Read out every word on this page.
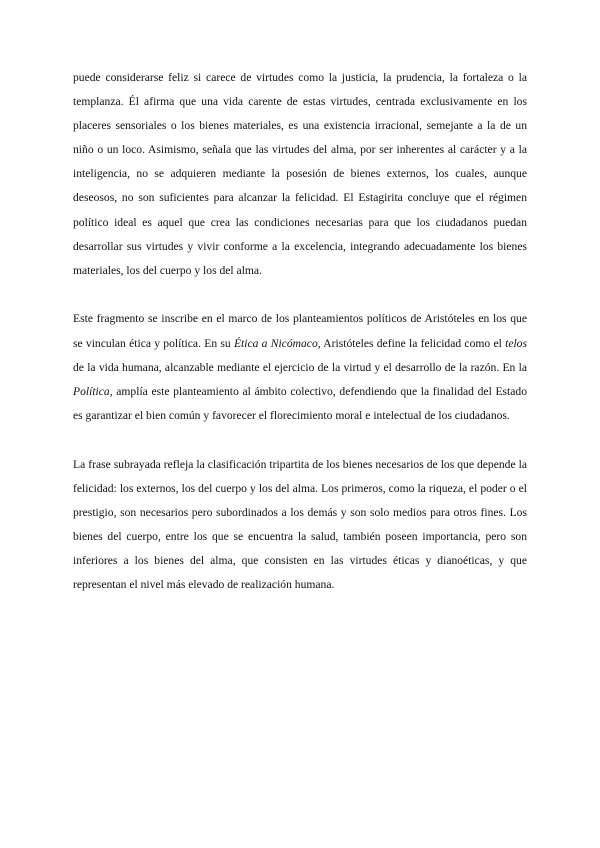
puede considerarse feliz si carece de virtudes como la justicia, la prudencia, la fortaleza o la templanza. Él afirma que una vida carente de estas virtudes, centrada exclusivamente en los placeres sensoriales o los bienes materiales, es una existencia irracional, semejante a la de un niño o un loco. Asimismo, señala que las virtudes del alma, por ser inherentes al carácter y a la inteligencia, no se adquieren mediante la posesión de bienes externos, los cuales, aunque deseosos, no son suficientes para alcanzar la felicidad. El Estagirita concluye que el régimen político ideal es aquel que crea las condiciones necesarias para que los ciudadanos puedan desarrollar sus virtudes y vivir conforme a la excelencia, integrando adecuadamente los bienes materiales, los del cuerpo y los del alma.

Este fragmento se inscribe en el marco de los planteamientos políticos de Aristóteles en los que se vinculan ética y política. En su Ética a Nicómaco, Aristóteles define la felicidad como el telos de la vida humana, alcanzable mediante el ejercicio de la virtud y el desarrollo de la razón. En la Política, amplía este planteamiento al ámbito colectivo, defendiendo que la finalidad del Estado es garantizar el bien común y favorecer el florecimiento moral e intelectual de los ciudadanos.

La frase subrayada refleja la clasificación tripartita de los bienes necesarios de los que depende la felicidad: los externos, los del cuerpo y los del alma. Los primeros, como la riqueza, el poder o el prestigio, son necesarios pero subordinados a los demás y son solo medios para otros fines. Los bienes del cuerpo, entre los que se encuentra la salud, también poseen importancia, pero son inferiores a los bienes del alma, que consisten en las virtudes éticas y dianoéticas, y que representan el nivel más elevado de realización humana.
